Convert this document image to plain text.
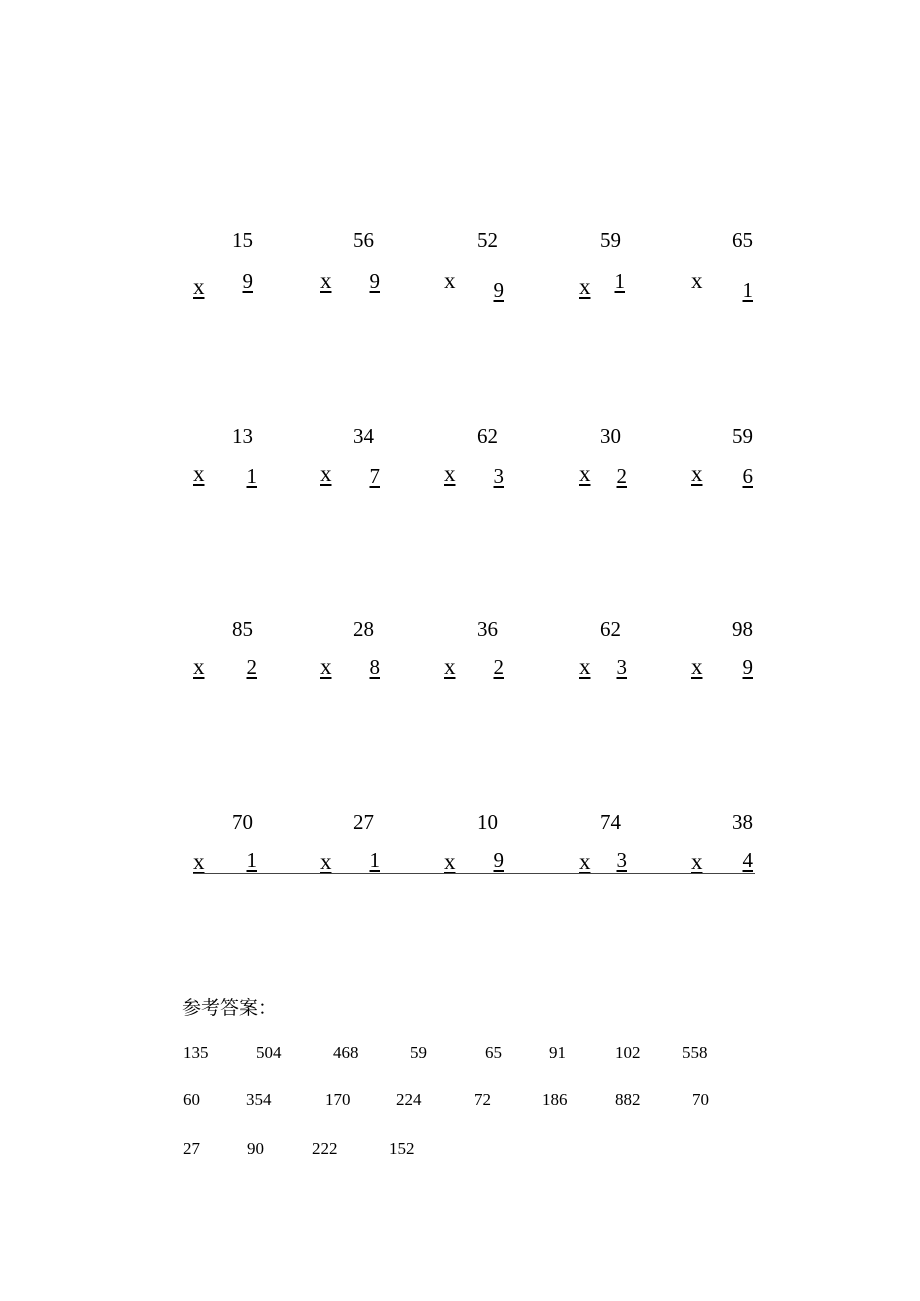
15
x	9
56
x	9
52
x	9
59
x	1
65
x	1
13
x	1
34
x	7
62
x	3
30
x	2
59
x	6
85
x	2
28
x	8
36
x	2
62
x	3
98
x	9
70
x	1
27
x	1
10
x	9
74
x	3
38
x	4
参考答案：
135	504	468	59	65	91	102 558
60	354	170	224	72	186	882	70
27	90	222	152
